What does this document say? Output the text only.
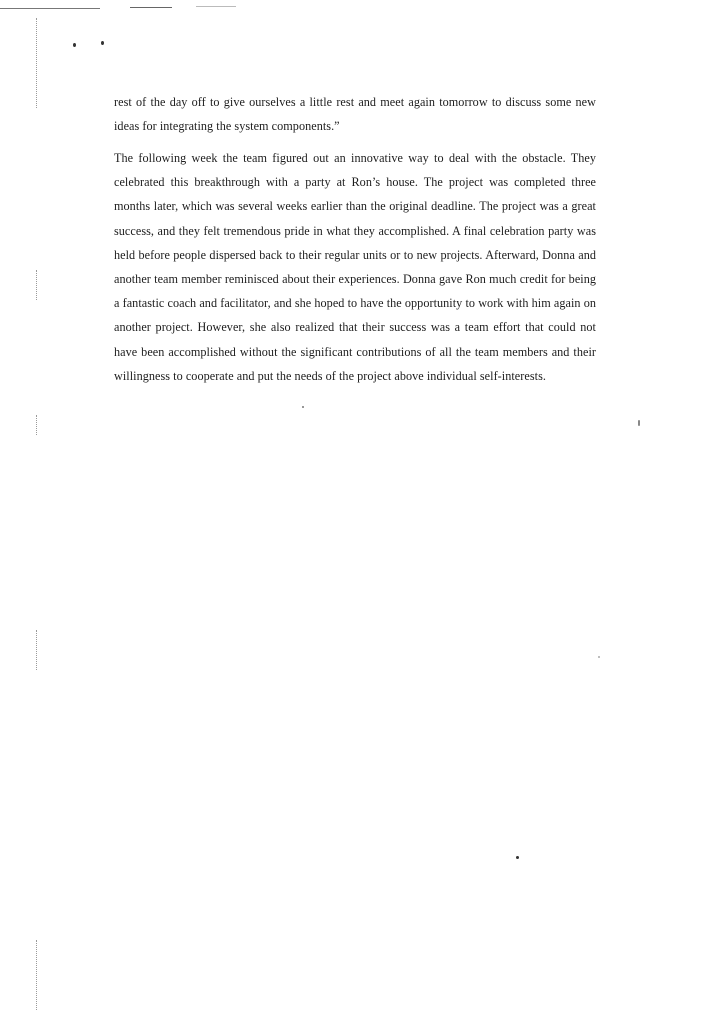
rest of the day off to give ourselves a little rest and meet again tomorrow to discuss some new ideas for integrating the system components.”
The following week the team figured out an innovative way to deal with the obstacle. They celebrated this breakthrough with a party at Ron’s house. The project was completed three months later, which was several weeks earlier than the original deadline. The project was a great success, and they felt tremendous pride in what they accomplished. A final celebration party was held before people dispersed back to their regular units or to new projects. Afterward, Donna and another team member reminisced about their experiences. Donna gave Ron much credit for being a fantastic coach and facilitator, and she hoped to have the opportunity to work with him again on another project. However, she also realized that their success was a team effort that could not have been accomplished without the significant contributions of all the team members and their willingness to cooperate and put the needs of the project above individual self-interests.
